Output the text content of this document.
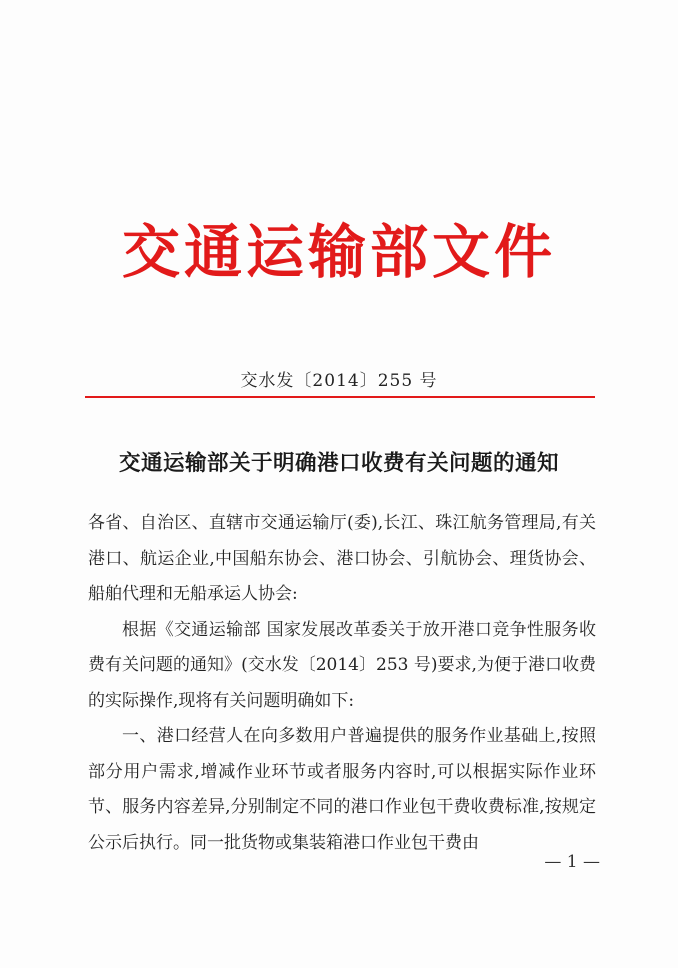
交通运输部文件
交水发〔2014〕255 号
交通运输部关于明确港口收费有关问题的通知

各省、自治区、直辖市交通运输厅(委),长江、珠江航务管理局,有关港口、航运企业,中国船东协会、港口协会、引航协会、理货协会、船舶代理和无船承运人协会:

根据《交通运输部 国家发展改革委关于放开港口竞争性服务收费有关问题的通知》(交水发〔2014〕253 号)要求,为便于港口收费的实际操作,现将有关问题明确如下:

一、港口经营人在向多数用户普遍提供的服务作业基础上,按照部分用户需求,增减作业环节或者服务内容时,可以根据实际作业环节、服务内容差异,分别制定不同的港口作业包干费收费标准,按规定公示后执行。同一批货物或集装箱港口作业包干费由

— 1 —
